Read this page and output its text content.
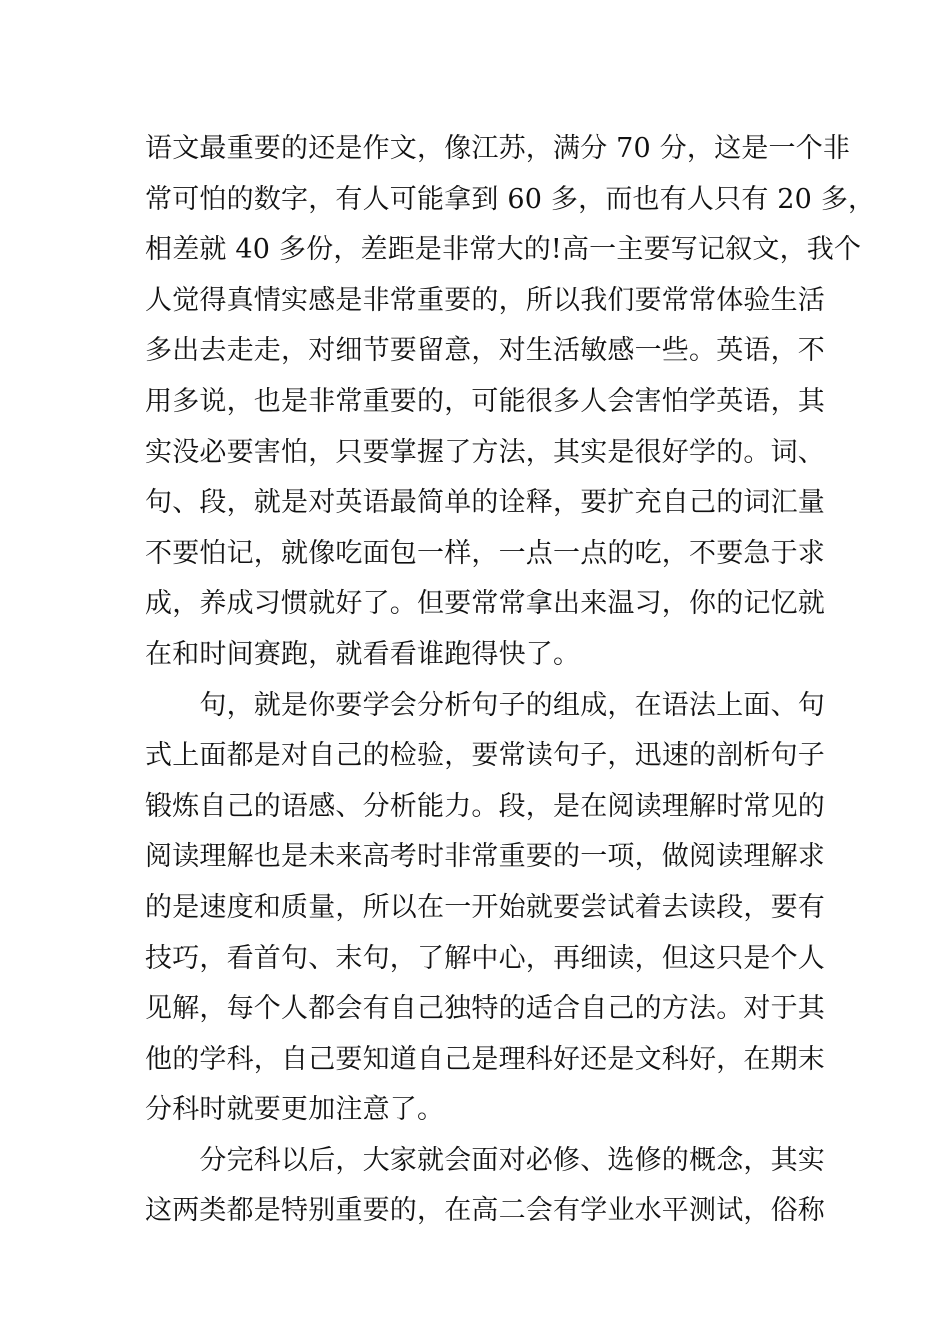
语文最重要的还是作文，像江苏，满分 70 分，这是一个非
常可怕的数字，有人可能拿到 60 多，而也有人只有 20 多，
相差就 40 多份，差距是非常大的!高一主要写记叙文，我个
人觉得真情实感是非常重要的，所以我们要常常体验生活
多出去走走，对细节要留意，对生活敏感一些。英语，不
用多说，也是非常重要的，可能很多人会害怕学英语，其
实没必要害怕，只要掌握了方法，其实是很好学的。词、
句、段，就是对英语最简单的诠释，要扩充自己的词汇量
不要怕记，就像吃面包一样，一点一点的吃，不要急于求
成，养成习惯就好了。但要常常拿出来温习，你的记忆就
在和时间赛跑，就看看谁跑得快了。
　　句，就是你要学会分析句子的组成，在语法上面、句
式上面都是对自己的检验，要常读句子，迅速的剖析句子
锻炼自己的语感、分析能力。段，是在阅读理解时常见的
阅读理解也是未来高考时非常重要的一项，做阅读理解求
的是速度和质量，所以在一开始就要尝试着去读段，要有
技巧，看首句、末句，了解中心，再细读，但这只是个人
见解，每个人都会有自己独特的适合自己的方法。对于其
他的学科，自己要知道自己是理科好还是文科好，在期末
分科时就要更加注意了。
　　分完科以后，大家就会面对必修、选修的概念，其实
这两类都是特别重要的，在高二会有学业水平测试，俗称
